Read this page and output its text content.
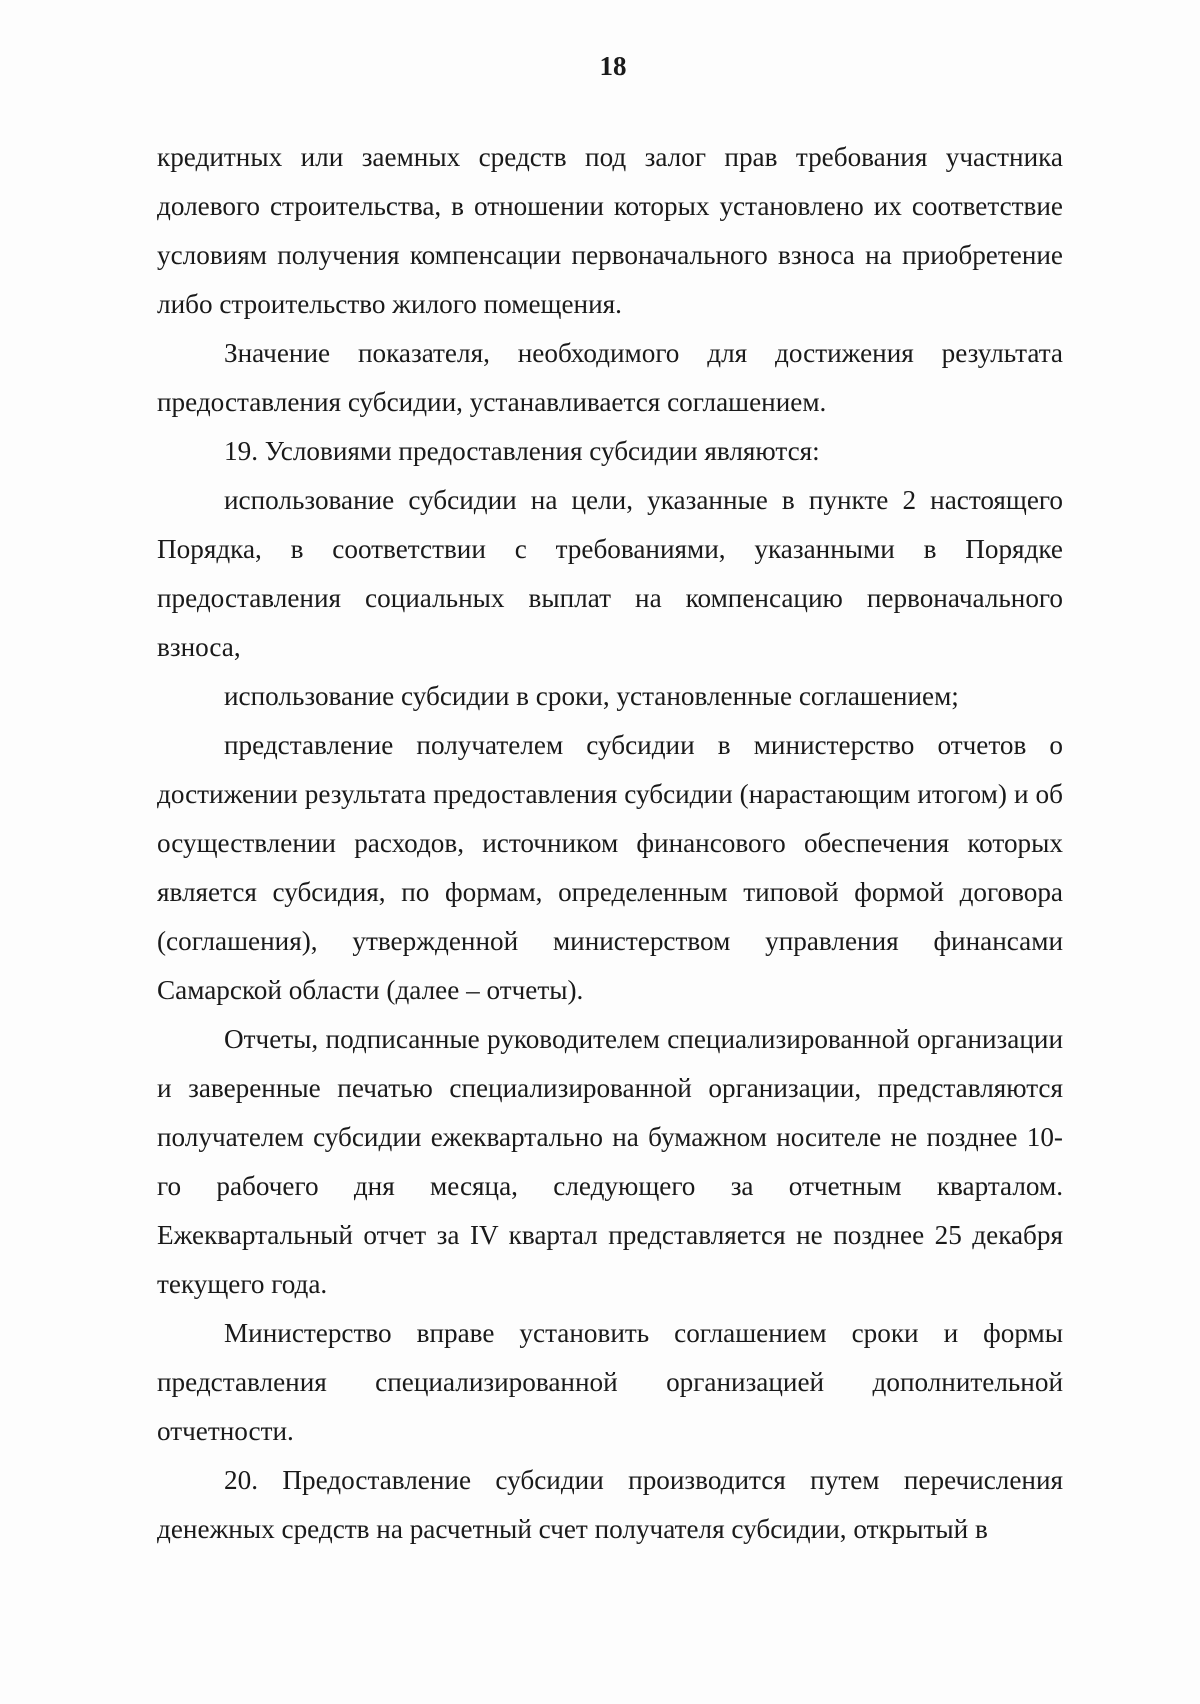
18

кредитных или заемных средств под залог прав требования участника долевого строительства, в отношении которых установлено их соответствие условиям получения компенсации первоначального взноса на приобретение либо строительство жилого помещения.

Значение показателя, необходимого для достижения результата предоставления субсидии, устанавливается соглашением.

19. Условиями предоставления субсидии являются:

использование субсидии на цели, указанные в пункте 2 настоящего Порядка, в соответствии с требованиями, указанными в Порядке предоставления социальных выплат на компенсацию первоначального взноса,

использование субсидии в сроки, установленные соглашением;

представление получателем субсидии в министерство отчетов о достижении результата предоставления субсидии (нарастающим итогом) и об осуществлении расходов, источником финансового обеспечения которых является субсидия, по формам, определенным типовой формой договора (соглашения), утвержденной министерством управления финансами Самарской области (далее – отчеты).

Отчеты, подписанные руководителем специализированной организации и заверенные печатью специализированной организации, представляются получателем субсидии ежеквартально на бумажном носителе не позднее 10-го рабочего дня месяца, следующего за отчетным кварталом. Ежеквартальный отчет за IV квартал представляется не позднее 25 декабря текущего года.

Министерство вправе установить соглашением сроки и формы представления специализированной организацией дополнительной отчетности.

20. Предоставление субсидии производится путем перечисления денежных средств на расчетный счет получателя субсидии, открытый в
